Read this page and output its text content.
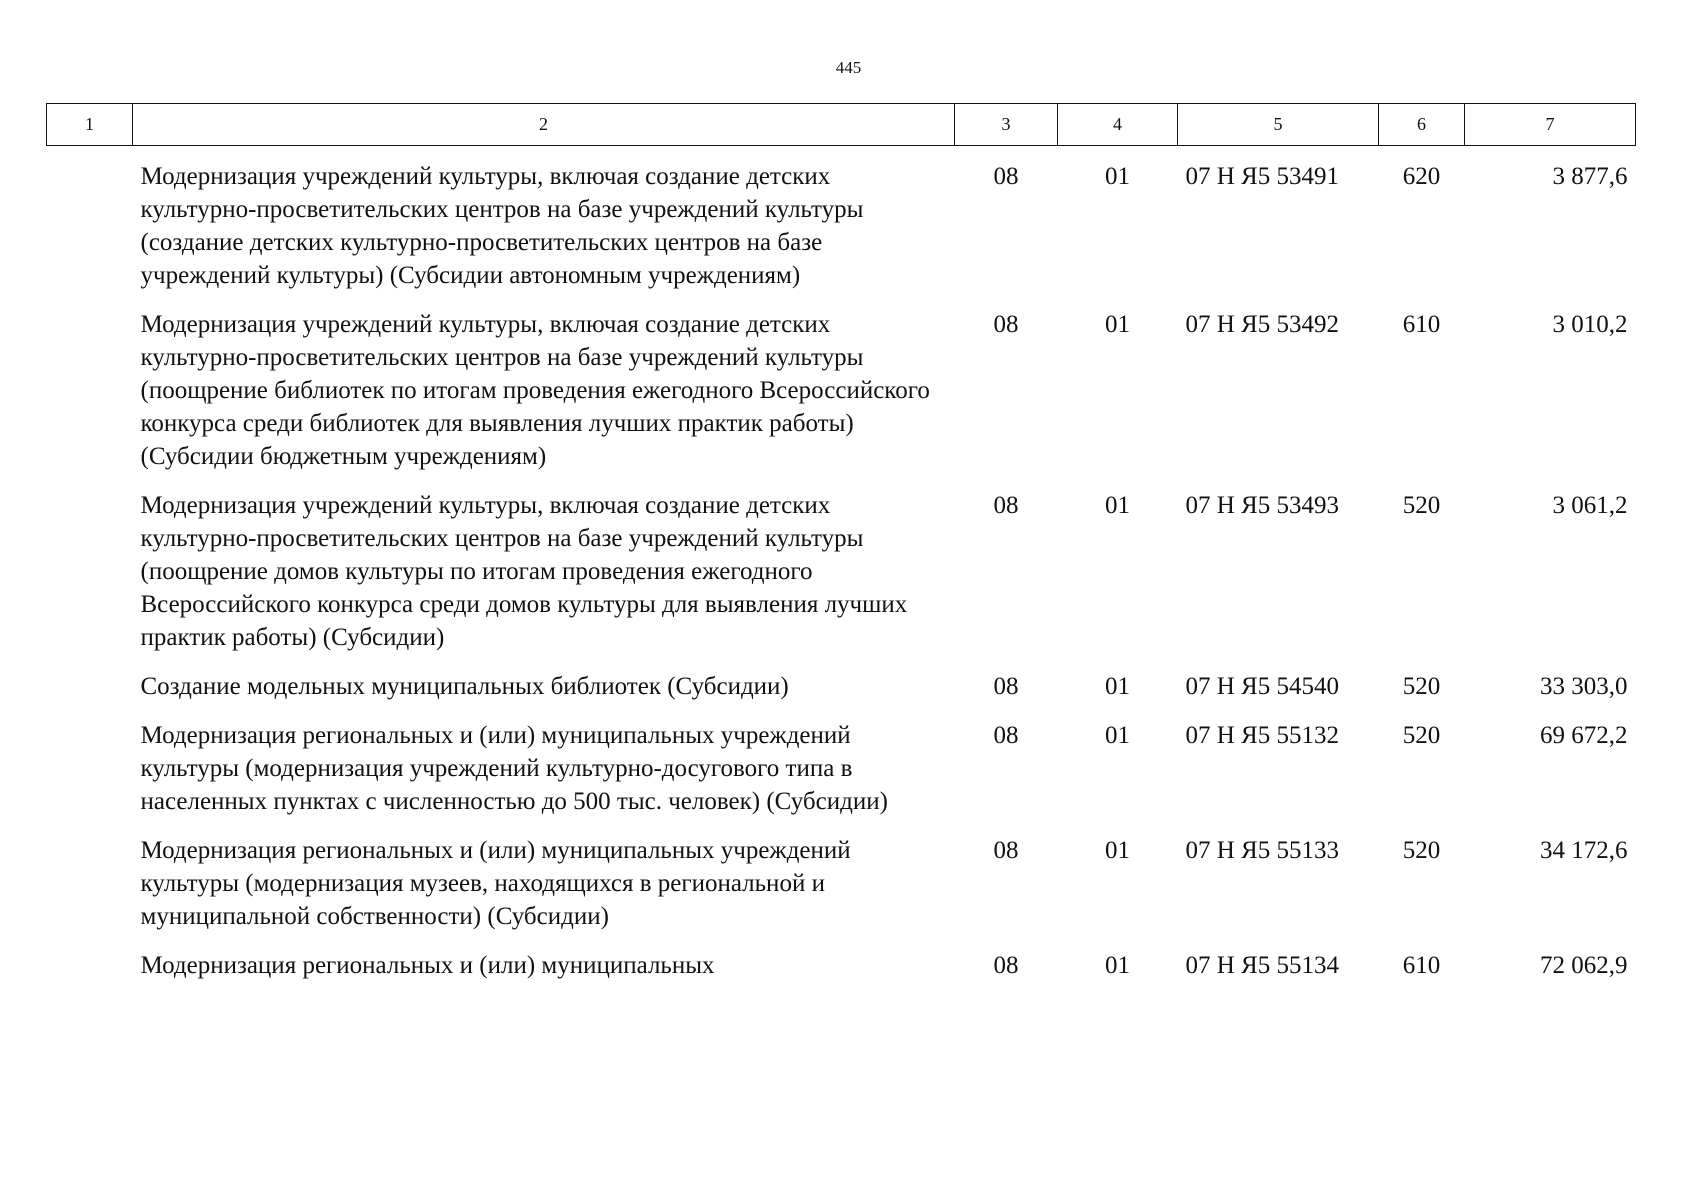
445
1	2	3	4	5	6	7
	Модернизация учреждений культуры, включая создание детских культурно-просветительских центров на базе учреждений культуры (создание детских культурно-просветительских центров на базе учреждений культуры) (Субсидии автономным учреждениям)	08	01	07 Н Я5 53491	620	3 877,6
	Модернизация учреждений культуры, включая создание детских культурно-просветительских центров на базе учреждений культуры (поощрение библиотек по итогам проведения ежегодного Всероссийского конкурса среди библиотек для выявления лучших практик работы) (Субсидии бюджетным учреждениям)	08	01	07 Н Я5 53492	610	3 010,2
	Модернизация учреждений культуры, включая создание детских культурно-просветительских центров на базе учреждений культуры (поощрение домов культуры по итогам проведения ежегодного Всероссийского конкурса среди домов культуры для выявления лучших практик работы) (Субсидии)	08	01	07 Н Я5 53493	520	3 061,2
	Создание модельных муниципальных библиотек (Субсидии)	08	01	07 Н Я5 54540	520	33 303,0
	Модернизация региональных и (или) муниципальных учреждений культуры (модернизация учреждений культурно-досугового типа в населенных пунктах с численностью до 500 тыс. человек) (Субсидии)	08	01	07 Н Я5 55132	520	69 672,2
	Модернизация региональных и (или) муниципальных учреждений культуры (модернизация музеев, находящихся в региональной и муниципальной собственности) (Субсидии)	08	01	07 Н Я5 55133	520	34 172,6
	Модернизация региональных и (или) муниципальных	08	01	07 Н Я5 55134	610	72 062,9
